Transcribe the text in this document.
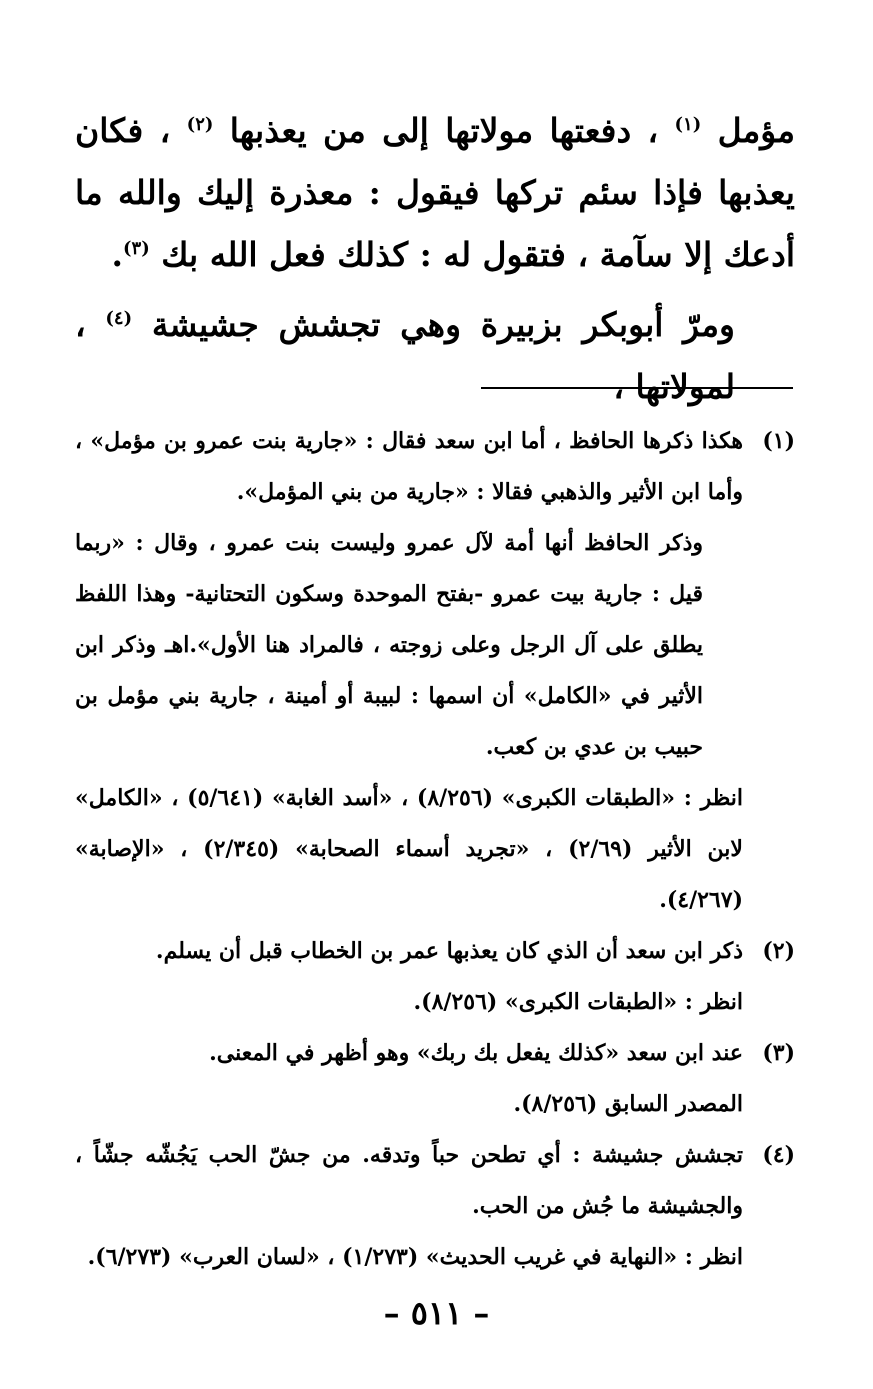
مؤمل $^{(١)}$ ، دفعتها مولاتها إلى من يعذبها $^{(٢)}$ ، فكان يعذبها فإذا سئم تركها فيقول : معذرة إليك والله ما أدعك إلا سآمة ، فتقول له : كذلك فعل الله بك $^{(٣)}$.

ومرّ أبوبكر بزبيرة وهي تجشش جشيشة $^{(٤)}$ ، لمولاتها ،

(١)

هكذا ذكرها الحافظ ، أما ابن سعد فقال : «جارية بنت عمرو بن مؤمل» ، وأما ابن الأثير والذهبي فقالا : «جارية من بني المؤمل».

وذكر الحافظ أنها أمة لآل عمرو وليست بنت عمرو ، وقال : «ربما قيل : جارية بيت عمرو -بفتح الموحدة وسكون التحتانية- وهذا اللفظ يطلق على آل الرجل وعلى زوجته ، فالمراد هنا الأول».اهـ وذكر ابن الأثير في «الكامل» أن اسمها : لبيبة أو أمينة ، جارية بني مؤمل بن حبيب بن عدي بن كعب.

انظر : «الطبقات الكبرى» (٨/٢٥٦) ، «أسد الغابة» (٥/٦٤١) ، «الكامل» لابن الأثير (٢/٦٩) ، «تجريد أسماء الصحابة» (٢/٣٤٥) ، «الإصابة» (٤/٢٦٧).

(٢)

ذكر ابن سعد أن الذي كان يعذبها عمر بن الخطاب قبل أن يسلم.

انظر : «الطبقات الكبرى» (٨/٢٥٦).

(٣)

عند ابن سعد «كذلك يفعل بك ربك» وهو أظهر في المعنى.

المصدر السابق (٨/٢٥٦).

(٤)

تجشش جشيشة : أي تطحن حباً وتدقه. من جشّ الحب يَجُشّه جشّاً ، والجشيشة ما جُش من الحب.

انظر : «النهاية في غريب الحديث» (١/٢٧٣) ، «لسان العرب» (٦/٢٧٣).

– ٥١١ –
